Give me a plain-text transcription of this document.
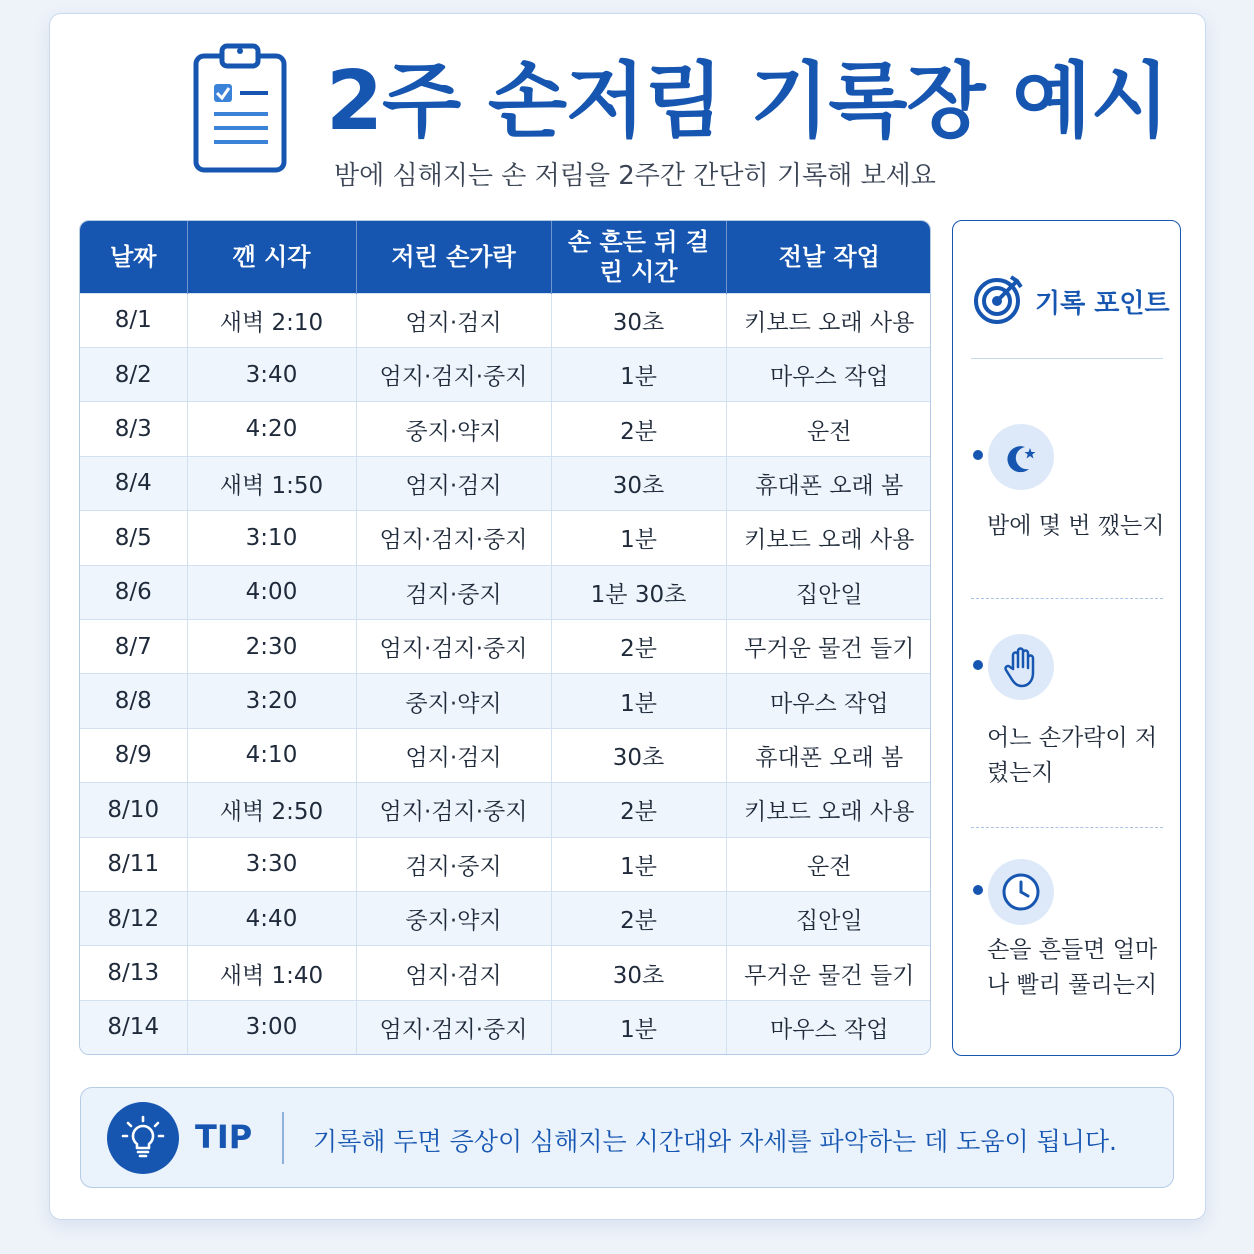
2주 손저림 기록장 예시
밤에 심해지는 손 저림을 2주간 간단히 기록해 보세요
날짜	깬 시각	저린 손가락	손 흔든 뒤 걸린 시간	전날 작업
8/1	새벽 2:10	엄지·검지	30초	키보드 오래 사용
8/2	3:40	엄지·검지·중지	1분	마우스 작업
8/3	4:20	중지·약지	2분	운전
8/4	새벽 1:50	엄지·검지	30초	휴대폰 오래 봄
8/5	3:10	엄지·검지·중지	1분	키보드 오래 사용
8/6	4:00	검지·중지	1분 30초	집안일
8/7	2:30	엄지·검지·중지	2분	무거운 물건 들기
8/8	3:20	중지·약지	1분	마우스 작업
8/9	4:10	엄지·검지	30초	휴대폰 오래 봄
8/10	새벽 2:50	엄지·검지·중지	2분	키보드 오래 사용
8/11	3:30	검지·중지	1분	운전
8/12	4:40	중지·약지	2분	집안일
8/13	새벽 1:40	엄지·검지	30초	무거운 물건 들기
8/14	3:00	엄지·검지·중지	1분	마우스 작업
기록 포인트
밤에 몇 번 깼는지
어느 손가락이 저렸는지
손을 흔들면 얼마나 빨리 풀리는지
TIP 기록해 두면 증상이 심해지는 시간대와 자세를 파악하는 데 도움이 됩니다.
